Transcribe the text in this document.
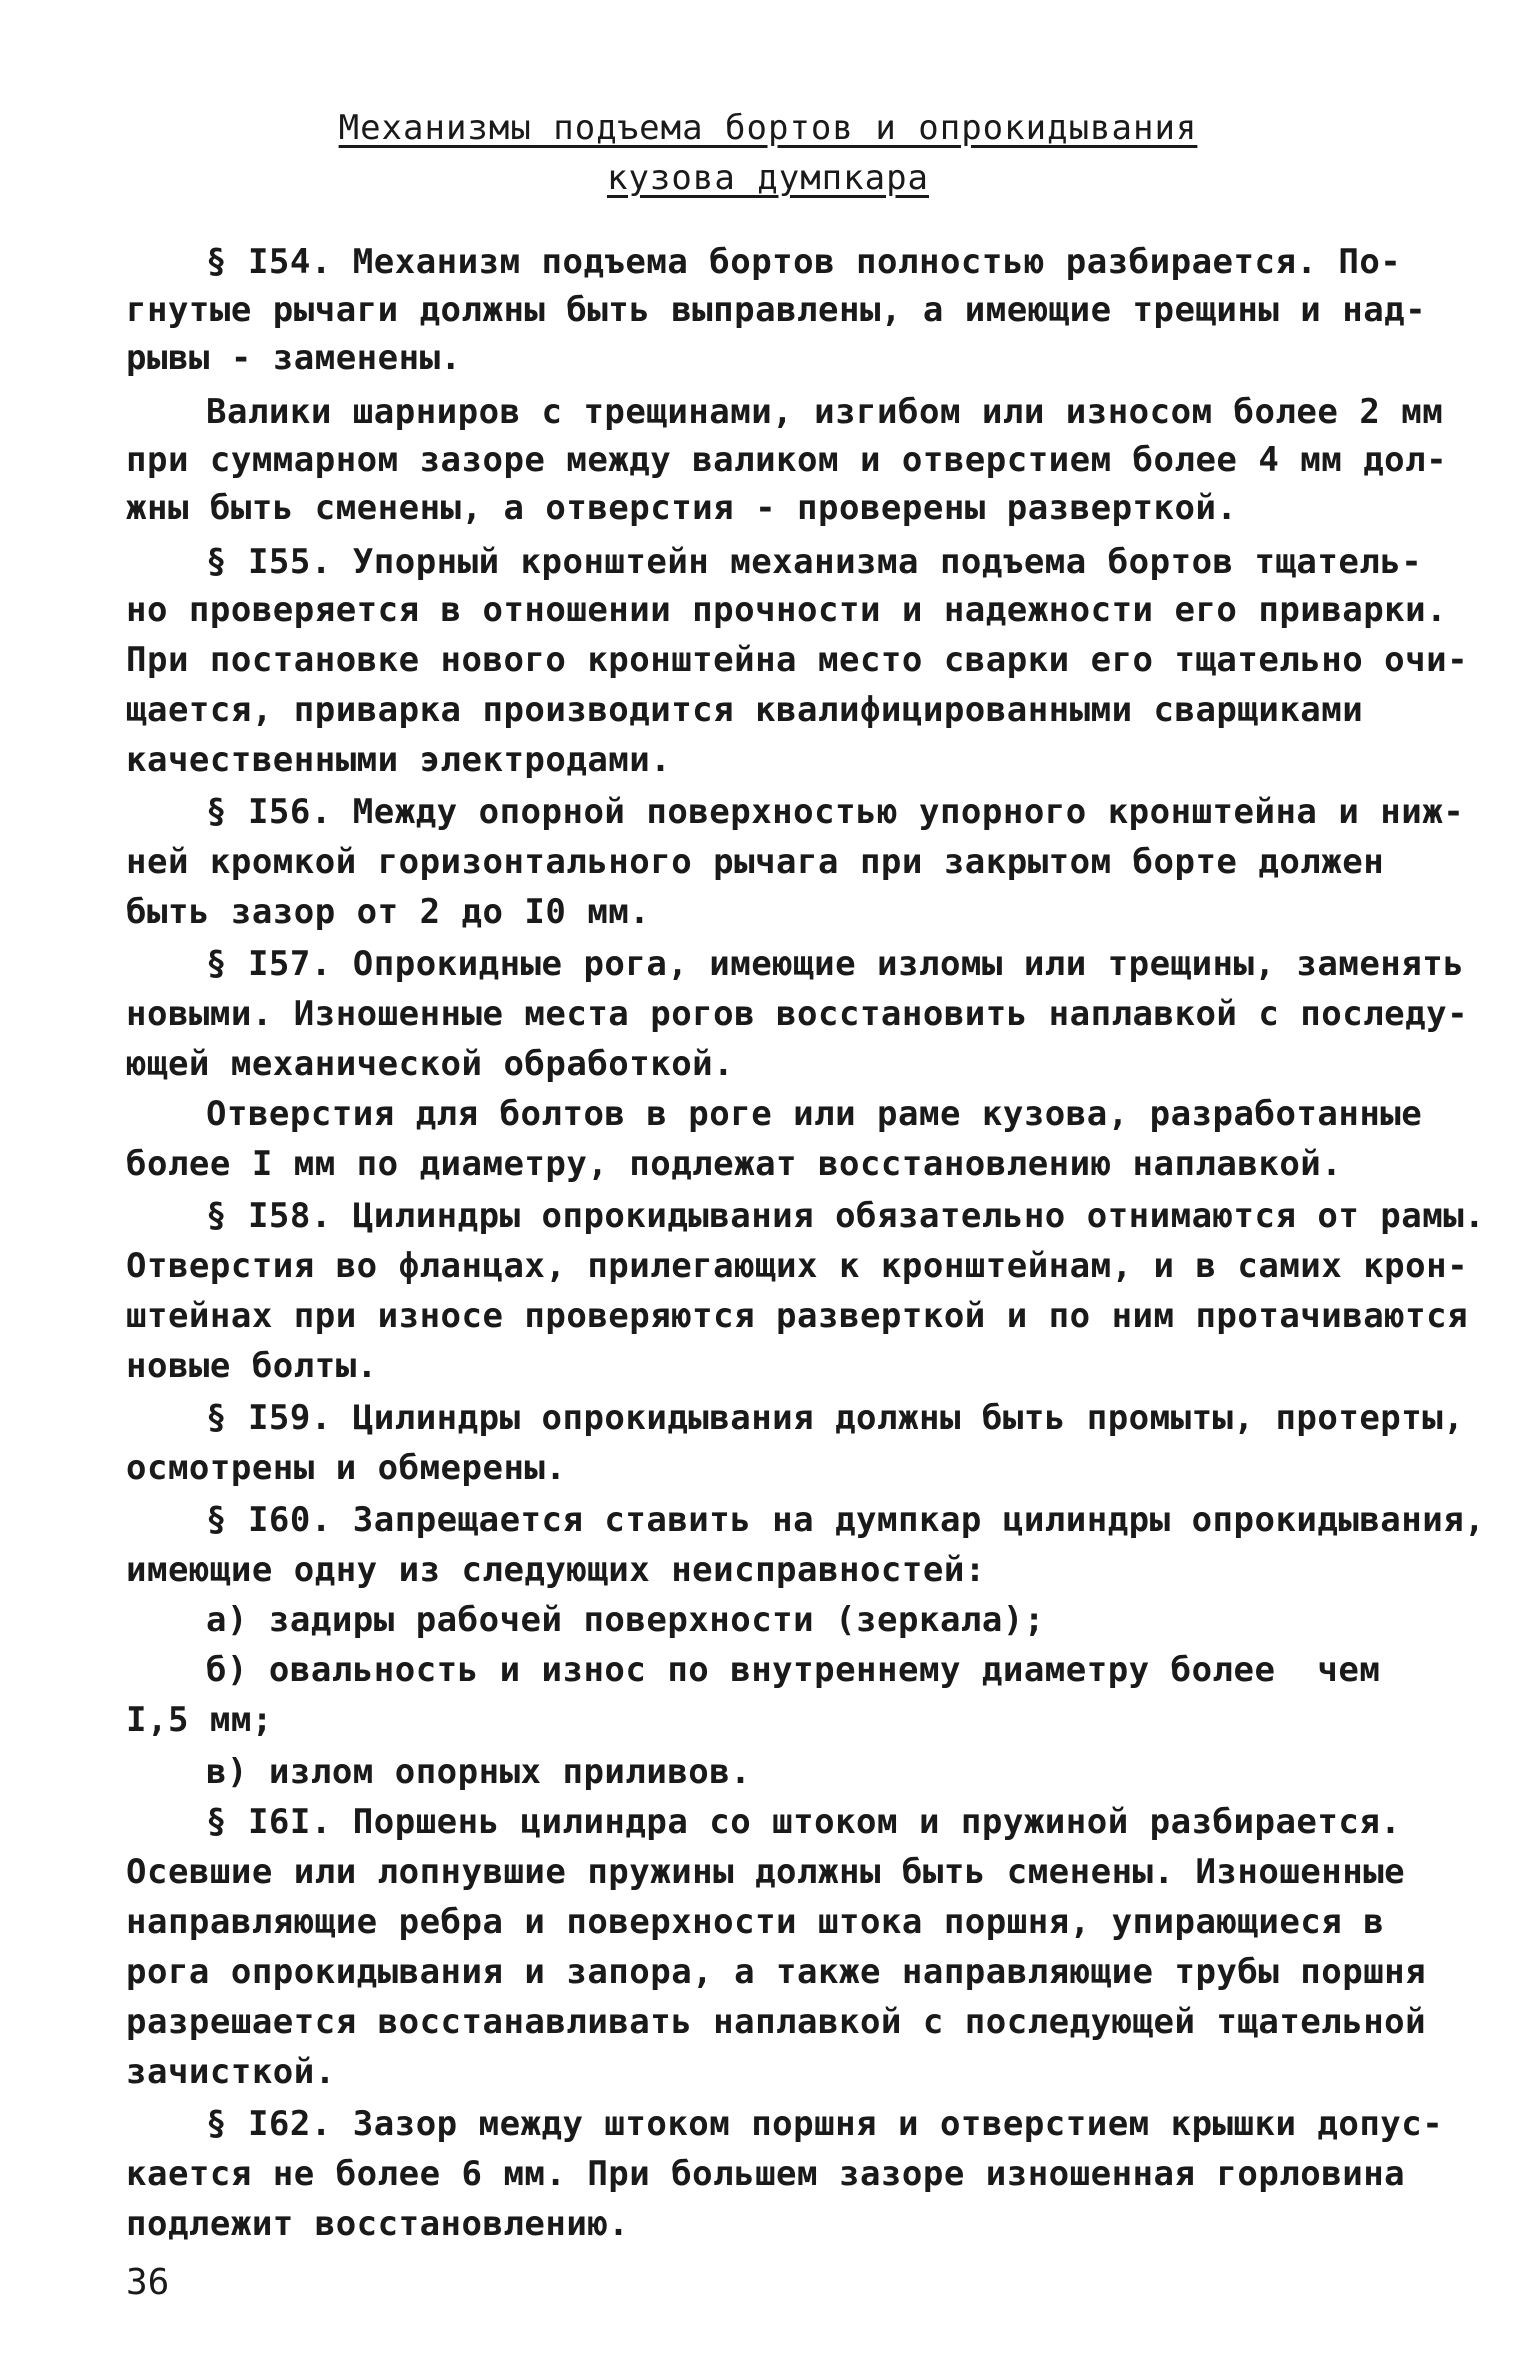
Механизмы подъема бортов и опрокидывания
кузова думпкара
§ I54. Механизм подъема бортов полностью разбирается. По-
гнутые рычаги должны быть выправлены, а имеющие трещины и над-
рывы - заменены.
Валики шарниров с трещинами, изгибом или износом более 2 мм
при суммарном зазоре между валиком и отверстием более 4 мм дол-
жны быть сменены, а отверстия - проверены разверткой.
§ I55. Упорный кронштейн механизма подъема бортов тщатель-
но проверяется в отношении прочности и надежности его приварки.
При постановке нового кронштейна место сварки его тщательно очи-
щается, приварка производится квалифицированными сварщиками
качественными электродами.
§ I56. Между опорной поверхностью упорного кронштейна и ниж-
ней кромкой горизонтального рычага при закрытом борте должен
быть зазор от 2 до I0 мм.
§ I57. Опрокидные рога, имеющие изломы или трещины, заменять
новыми. Изношенные места рогов восстановить наплавкой с последу-
ющей механической обработкой.
Отверстия для болтов в роге или раме кузова, разработанные
более I мм по диаметру, подлежат восстановлению наплавкой.
§ I58. Цилиндры опрокидывания обязательно отнимаются от рамы.
Отверстия во фланцах, прилегающих к кронштейнам, и в самих крон-
штейнах при износе проверяются разверткой и по ним протачиваются
новые болты.
§ I59. Цилиндры опрокидывания должны быть промыты, протерты,
осмотрены и обмерены.
§ I60. Запрещается ставить на думпкар цилиндры опрокидывания,
имеющие одну из следующих неисправностей:
а) задиры рабочей поверхности (зеркала);
б) овальность и износ по внутреннему диаметру более  чем
I,5 мм;
в) излом опорных приливов.
§ I6I. Поршень цилиндра со штоком и пружиной разбирается.
Осевшие или лопнувшие пружины должны быть сменены. Изношенные
направляющие ребра и поверхности штока поршня, упирающиеся в
рога опрокидывания и запора, а также направляющие трубы поршня
разрешается восстанавливать наплавкой с последующей тщательной
зачисткой.
§ I62. Зазор между штоком поршня и отверстием крышки допус-
кается не более 6 мм. При большем зазоре изношенная горловина
подлежит восстановлению.
36
